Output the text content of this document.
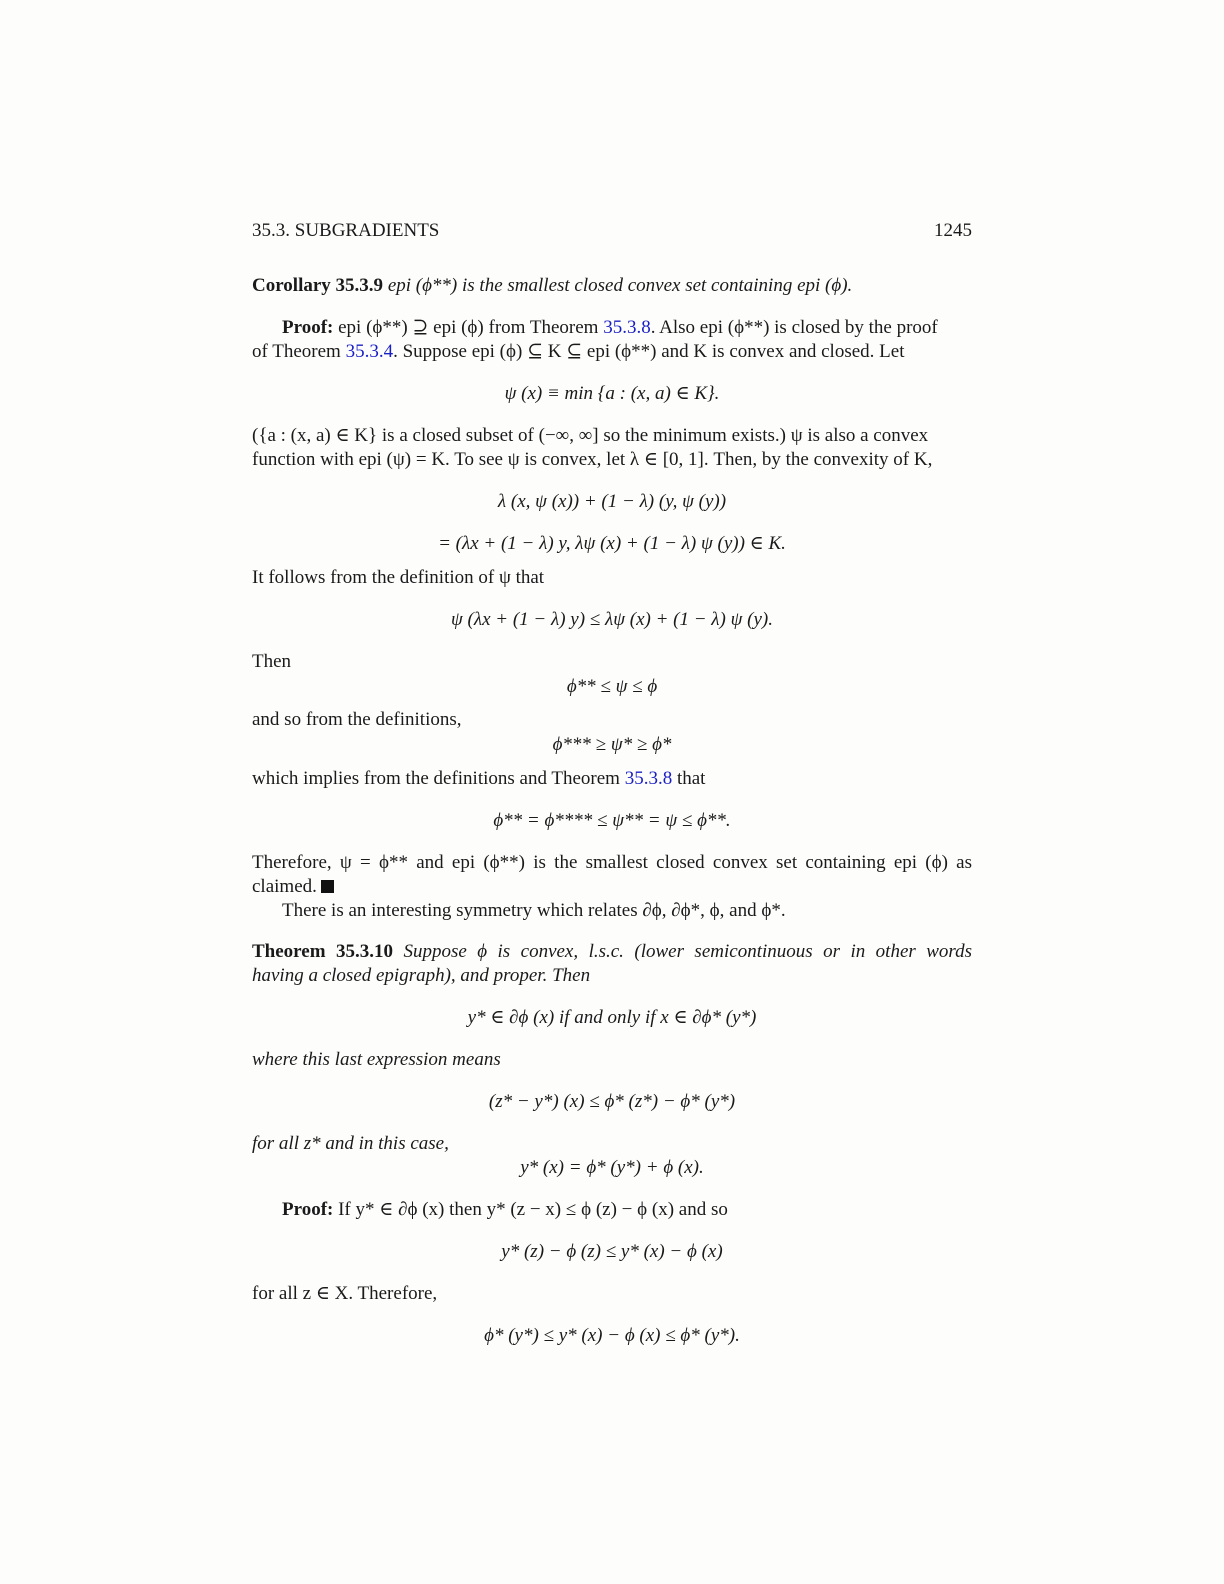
35.3. SUBGRADIENTS	1245
Corollary 35.3.9 epi (ϕ**) is the smallest closed convex set containing epi (ϕ).
Proof: epi (ϕ**) ⊇ epi (ϕ) from Theorem 35.3.8. Also epi (ϕ**) is closed by the proof
of Theorem 35.3.4. Suppose epi (ϕ) ⊆ K ⊆ epi (ϕ**) and K is convex and closed. Let
ψ (x) ≡ min {a : (x, a) ∈ K}.
({a : (x, a) ∈ K} is a closed subset of (−∞, ∞] so the minimum exists.) ψ is also a convex
function with epi (ψ) = K. To see ψ is convex, let λ ∈ [0, 1]. Then, by the convexity of K,
λ (x, ψ (x)) + (1 − λ) (y, ψ (y))
= (λx + (1 − λ) y, λψ (x) + (1 − λ) ψ (y)) ∈ K.
It follows from the definition of ψ that
ψ (λx + (1 − λ) y) ≤ λψ (x) + (1 − λ) ψ (y).
Then
ϕ** ≤ ψ ≤ ϕ
and so from the definitions,
ϕ*** ≥ ψ* ≥ ϕ*
which implies from the definitions and Theorem 35.3.8 that
ϕ** = ϕ**** ≤ ψ** = ψ ≤ ϕ**.
Therefore, ψ = ϕ** and epi (ϕ**) is the smallest closed convex set containing epi (ϕ) as
claimed.
There is an interesting symmetry which relates ∂ϕ, ∂ϕ*, ϕ, and ϕ*.
Theorem 35.3.10 Suppose ϕ is convex, l.s.c. (lower semicontinuous or in other words
having a closed epigraph), and proper. Then
y* ∈ ∂ϕ (x) if and only if x ∈ ∂ϕ* (y*)
where this last expression means
(z* − y*) (x) ≤ ϕ* (z*) − ϕ* (y*)
for all z* and in this case,
y* (x) = ϕ* (y*) + ϕ (x).
Proof: If y* ∈ ∂ϕ (x) then y* (z − x) ≤ ϕ (z) − ϕ (x) and so
y* (z) − ϕ (z) ≤ y* (x) − ϕ (x)
for all z ∈ X. Therefore,
ϕ* (y*) ≤ y* (x) − ϕ (x) ≤ ϕ* (y*).
